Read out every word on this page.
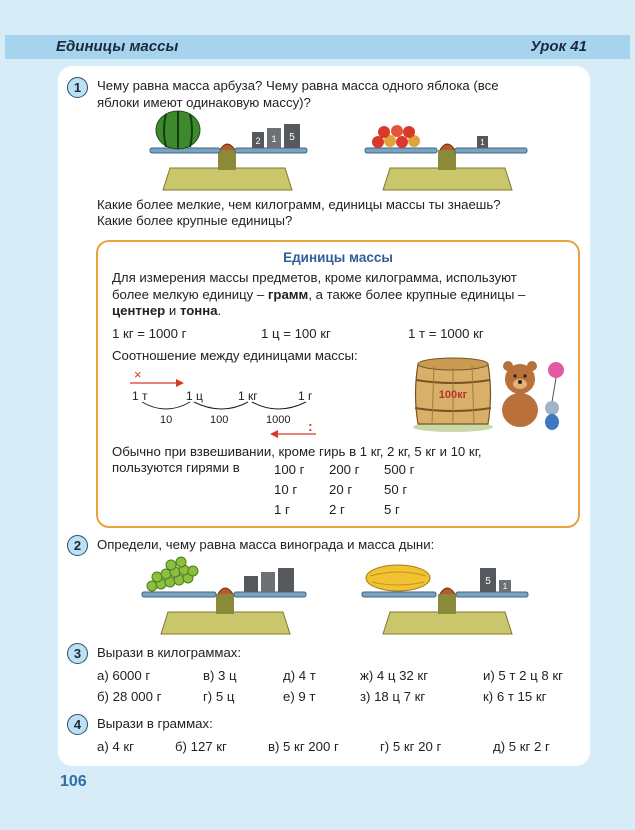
Единицы массы	Урок 41
1	Чему равна масса арбуза? Чему равна масса одного яблока (все
яблоки имеют одинаковую массу)?
2 1 5	1
Какие более мелкие, чем килограмм, единицы массы ты знаешь?
Какие более крупные единицы?
Единицы массы
Для измерения массы предметов, кроме килограмма, используют
более мелкую единицу – грамм, а также более крупные единицы –
центнер и тонна.
1 кг = 1000 г	1 ц = 100 кг	1 т = 1000 кг
Соотношение между единицами массы:
×
1 т	1 ц	1 кг	1 г
10	100	1000 :
100кг
Обычно при взвешивании, кроме гирь в 1 кг, 2 кг, 5 кг и 10 кг,
пользуются гирями в	100 г 200 г 500 г
10 г 20 г 50 г
1 г	2 г	5 г
2	Определи, чему равна масса винограда и масса дыни:
5 1
3	Вырази в килограммах:
а) 6000 г	в) 3 ц	д) 4 т	ж) 4 ц 32 кг	и) 5 т 2 ц 8 кг
б) 28 000 г	г) 5 ц	е) 9 т	з) 18 ц 7 кг	к) 6 т 15 кг
4	Вырази в граммах:
а) 4 кг	б) 127 кг	в) 5 кг 200 г	г) 5 кг 20 г	д) 5 кг 2 г
106
